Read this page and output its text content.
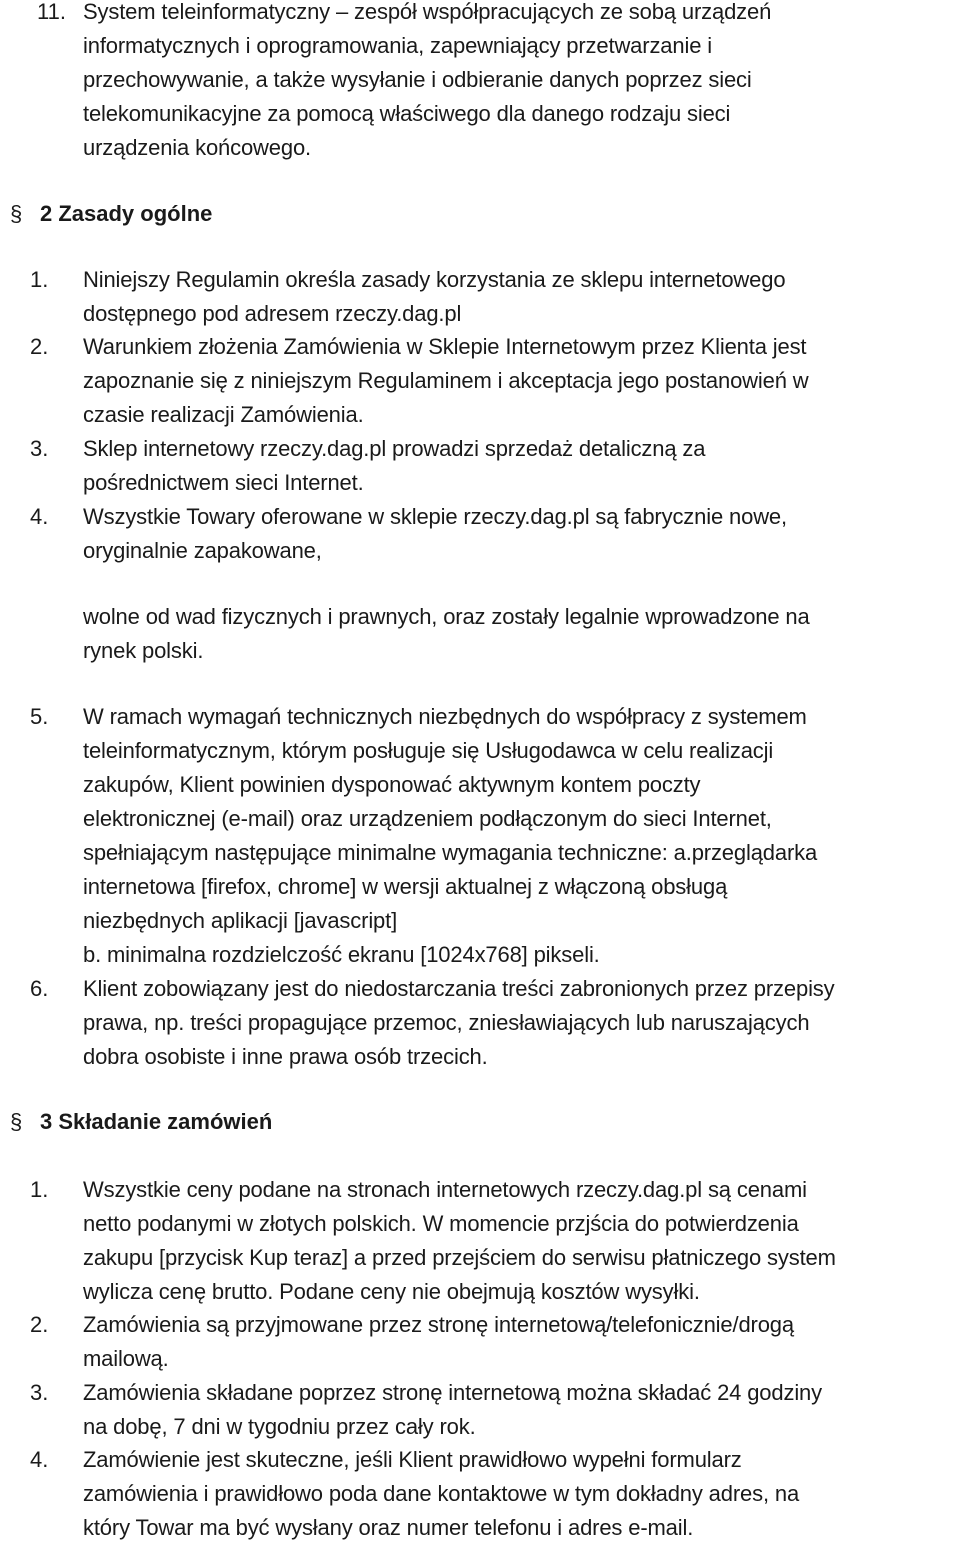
11. System teleinformatyczny – zespół współpracujących ze sobą urządzeń
informatycznych i oprogramowania, zapewniający przetwarzanie i
przechowywanie, a także wysyłanie i odbieranie danych poprzez sieci
telekomunikacyjne za pomocą właściwego dla danego rodzaju sieci
urządzenia końcowego.
§ 2 Zasady ogólne
1. Niniejszy Regulamin określa zasady korzystania ze sklepu internetowego
dostępnego pod adresem rzeczy.dag.pl
2. Warunkiem złożenia Zamówienia w Sklepie Internetowym przez Klienta jest
zapoznanie się z niniejszym Regulaminem i akceptacja jego postanowień w
czasie realizacji Zamówienia.
3. Sklep internetowy rzeczy.dag.pl prowadzi sprzedaż detaliczną za
pośrednictwem sieci Internet.
4. Wszystkie Towary oferowane w sklepie rzeczy.dag.pl są fabrycznie nowe,
oryginalnie zapakowane,
wolne od wad fizycznych i prawnych, oraz zostały legalnie wprowadzone na
rynek polski.
5. W ramach wymagań technicznych niezbędnych do współpracy z systemem
teleinformatycznym, którym posługuje się Usługodawca w celu realizacji
zakupów, Klient powinien dysponować aktywnym kontem poczty
elektronicznej (e-mail) oraz urządzeniem podłączonym do sieci Internet,
spełniającym następujące minimalne wymagania techniczne: a.przeglądarka
internetowa [firefox, chrome] w wersji aktualnej z włączoną obsługą
niezbędnych aplikacji [javascript]
b. minimalna rozdzielczość ekranu [1024x768] pikseli.
6. Klient zobowiązany jest do niedostarczania treści zabronionych przez przepisy
prawa, np. treści propagujące przemoc, zniesławiających lub naruszających
dobra osobiste i inne prawa osób trzecich.
§ 3 Składanie zamówień
1. Wszystkie ceny podane na stronach internetowych rzeczy.dag.pl są cenami
netto podanymi w złotych polskich. W momencie przjścia do potwierdzenia
zakupu [przycisk Kup teraz] a przed przejściem do serwisu płatniczego system
wylicza cenę brutto. Podane ceny nie obejmują kosztów wysyłki.
2. Zamówienia są przyjmowane przez stronę internetową/telefonicznie/drogą
mailową.
3. Zamówienia składane poprzez stronę internetową można składać 24 godziny
na dobę, 7 dni w tygodniu przez cały rok.
4. Zamówienie jest skuteczne, jeśli Klient prawidłowo wypełni formularz
zamówienia i prawidłowo poda dane kontaktowe w tym dokładny adres, na
który Towar ma być wysłany oraz numer telefonu i adres e-mail.
